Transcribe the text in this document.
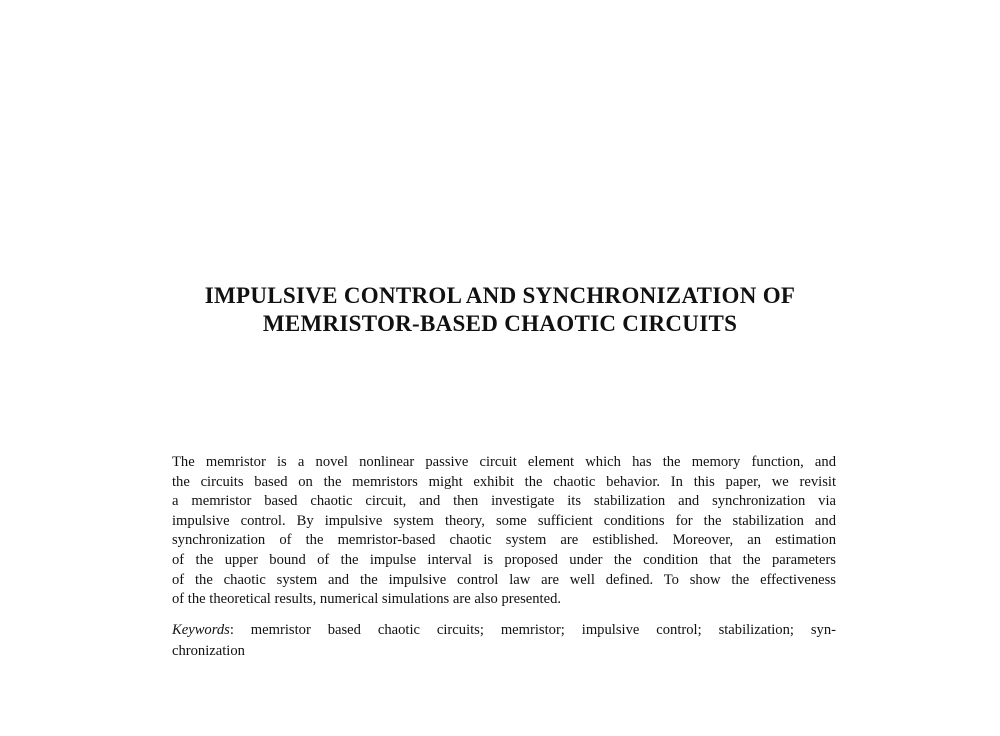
IMPULSIVE CONTROL AND SYNCHRONIZATION OF
MEMRISTOR-BASED CHAOTIC CIRCUITS
The memristor is a novel nonlinear passive circuit element which has the memory function, and
the circuits based on the memristors might exhibit the chaotic behavior. In this paper, we revisit
a memristor based chaotic circuit, and then investigate its stabilization and synchronization via
impulsive control. By impulsive system theory, some sufficient conditions for the stabilization and
synchronization of the memristor-based chaotic system are estiblished. Moreover, an estimation
of the upper bound of the impulse interval is proposed under the condition that the parameters
of the chaotic system and the impulsive control law are well defined. To show the effectiveness
of the theoretical results, numerical simulations are also presented.
Keywords: memristor based chaotic circuits; memristor; impulsive control; stabilization; syn-
chronization
